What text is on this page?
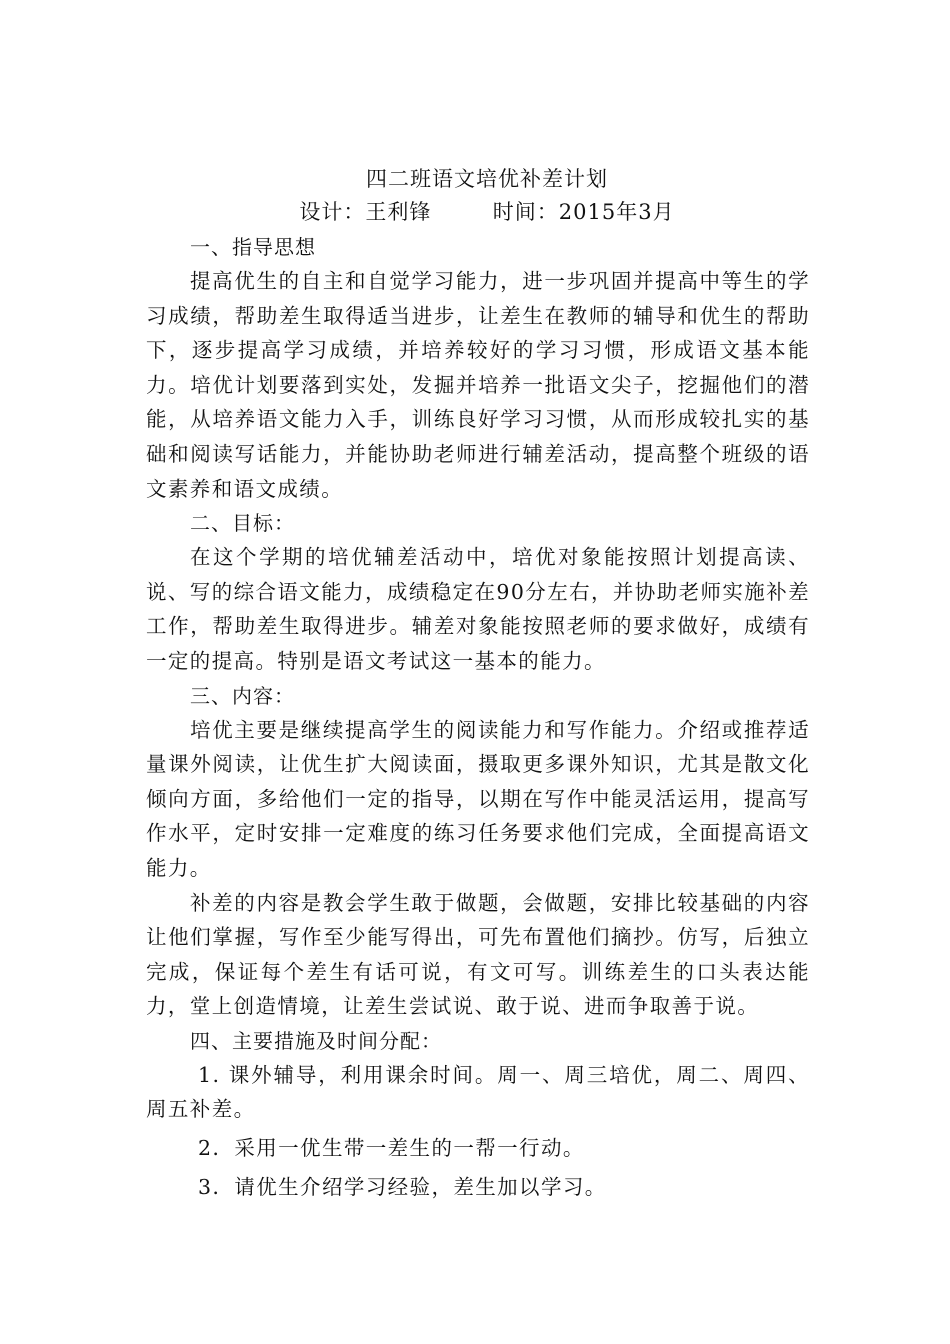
四二班语文培优补差计划
设计：王利锋        时间：2015年3月
一、指导思想

提高优生的自主和自觉学习能力，进一步巩固并提高中等生的学习成绩，帮助差生取得适当进步，让差生在教师的辅导和优生的帮助下，逐步提高学习成绩，并培养较好的学习习惯，形成语文基本能力。培优计划要落到实处，发掘并培养一批语文尖子，挖掘他们的潜能，从培养语文能力入手，训练良好学习习惯，从而形成较扎实的基础和阅读写话能力，并能协助老师进行辅差活动，提高整个班级的语文素养和语文成绩。

二、目标：

在这个学期的培优辅差活动中，培优对象能按照计划提高读、说、写的综合语文能力，成绩稳定在90分左右，并协助老师实施补差工作，帮助差生取得进步。辅差对象能按照老师的要求做好，成绩有一定的提高。特别是语文考试这一基本的能力。

三、内容：

培优主要是继续提高学生的阅读能力和写作能力。介绍或推荐适量课外阅读，让优生扩大阅读面，摄取更多课外知识，尤其是散文化倾向方面，多给他们一定的指导，以期在写作中能灵活运用，提高写作水平，定时安排一定难度的练习任务要求他们完成，全面提高语文能力。

补差的内容是教会学生敢于做题，会做题，安排比较基础的内容让他们掌握，写作至少能写得出，可先布置他们摘抄。仿写，后独立完成，保证每个差生有话可说，有文可写。训练差生的口头表达能力，堂上创造情境，让差生尝试说、敢于说、进而争取善于说。

四、主要措施及时间分配：

1. 课外辅导，利用课余时间。周一、周三培优，周二、周四、周五补差。

2．采用一优生带一差生的一帮一行动。

3．请优生介绍学习经验，差生加以学习。
